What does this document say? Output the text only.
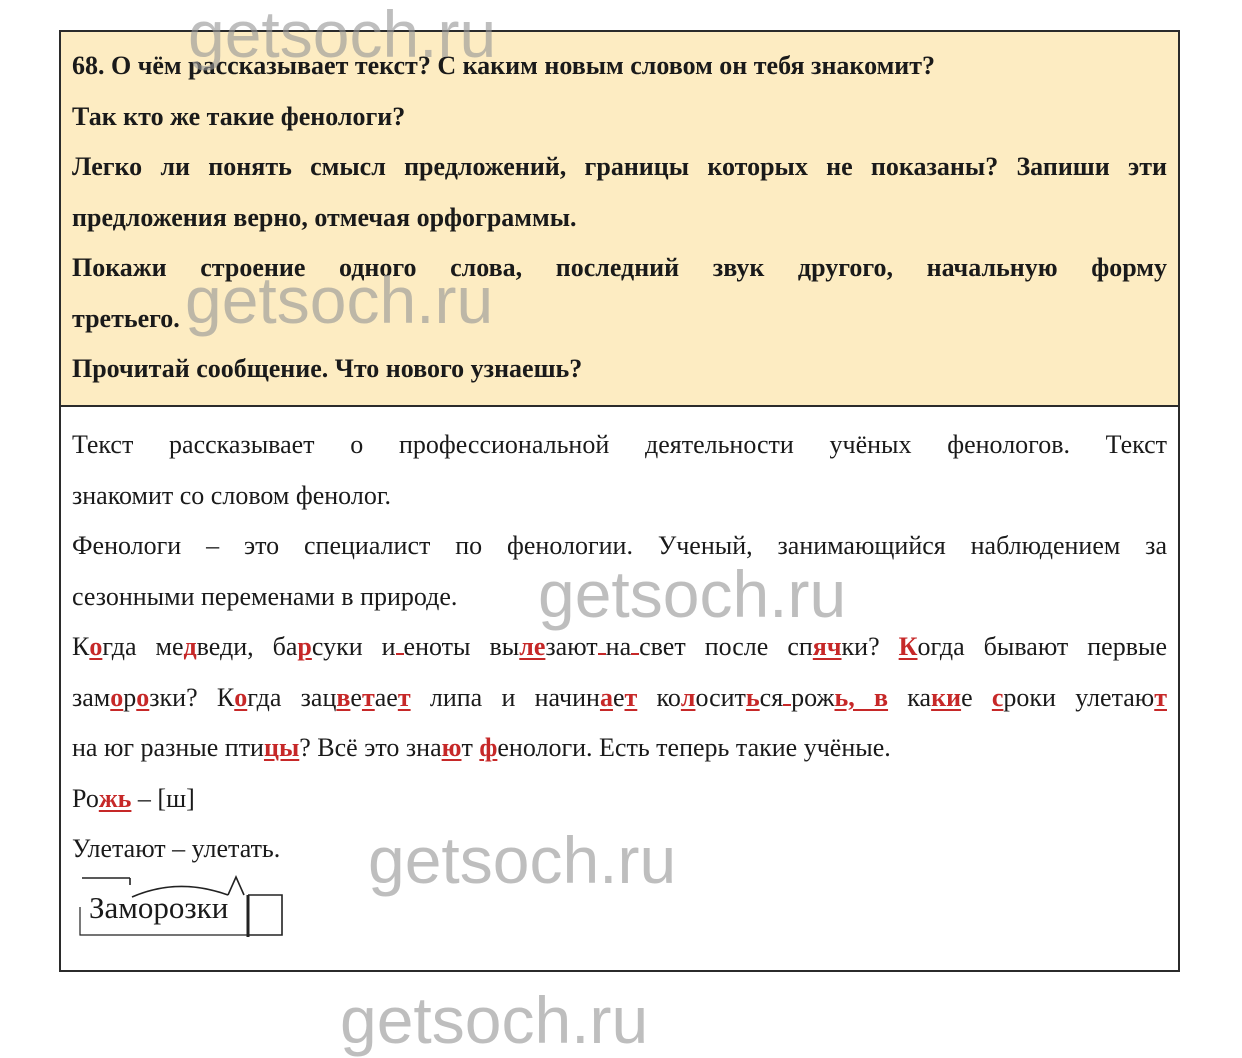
68. О чём рассказывает текст? С каким новым словом он тебя знакомит?
Так кто же такие фенологи?
Легко ли понять смысл предложений, границы которых не показаны? Запиши эти
предложения верно, отмечая орфограммы.
Покажи строение одного слова, последний звук другого, начальную форму
третьего.
Прочитай сообщение. Что нового узнаешь?
Текст рассказывает о профессиональной деятельности учёных фенологов. Текст
знакомит со словом фенолог.
Фенологи – это специалист по фенологии. Ученый, занимающийся наблюдением за
сезонными переменами в природе.
Когда медведи, барсуки и еноты вылезают на свет после спячки? Когда бывают первые
заморозки? Когда зацветает липа и начинает колоситься рожь, в какие сроки улетают
на юг разные птицы? Всё это знают фенологи. Есть теперь такие учёные.
Рожь – [ш]
Улетают – улетать.
Заморозки
getsoch.ru
getsoch.ru
getsoch.ru
getsoch.ru
getsoch.ru
